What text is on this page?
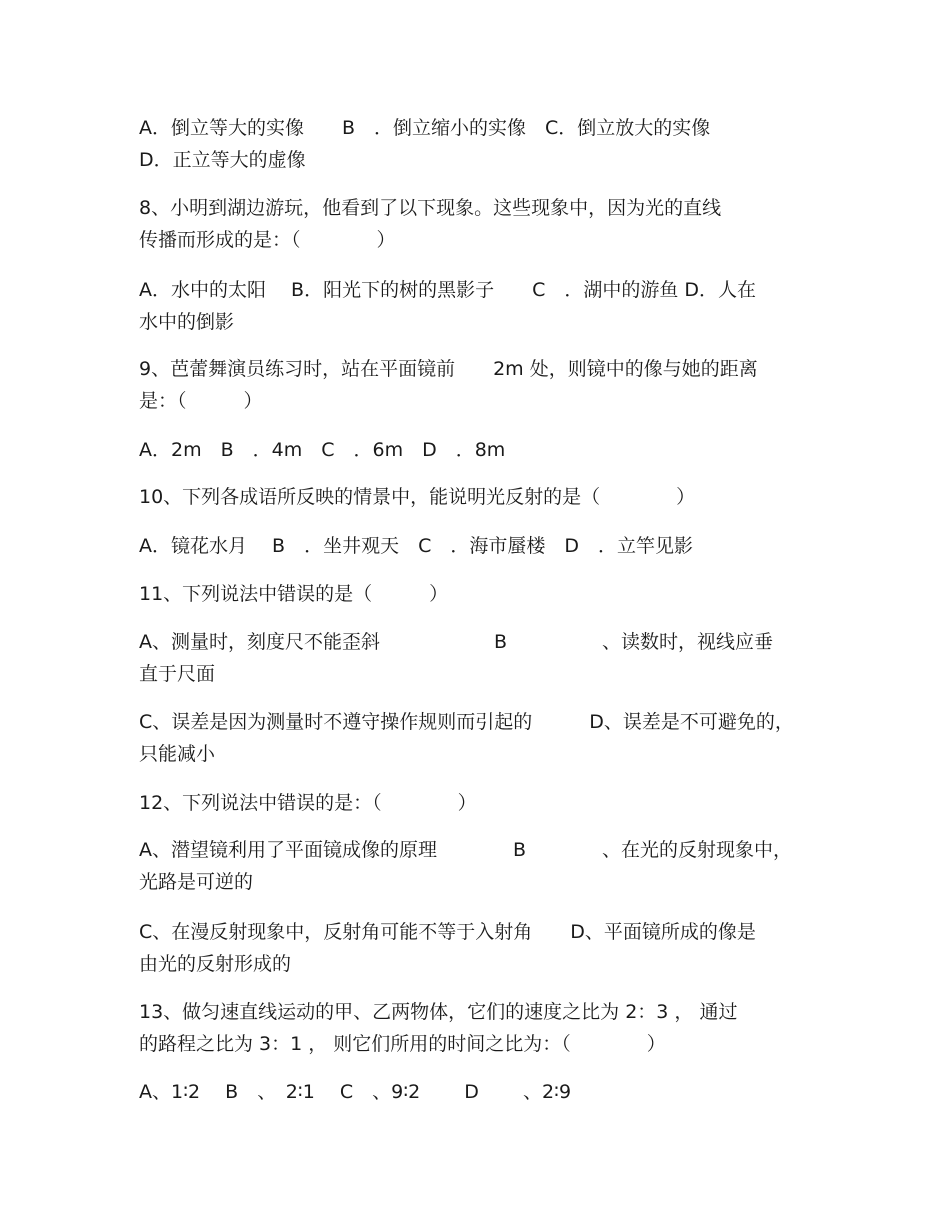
A．倒立等大的实像　　B　．倒立缩小的实像　C．倒立放大的实像
D．正立等大的虚像
8、小明到湖边游玩，他看到了以下现象。这些现象中，因为光的直线
传播而形成的是：（　　　　）
A．水中的太阳　 B．阳光下的树的黑影子　　C　．湖中的游鱼 D．人在
水中的倒影
9、芭蕾舞演员练习时，站在平面镜前　　2m 处，则镜中的像与她的距离
是：（　　　）
A．2m　B　．4m　C　．6m　D　．8m
10、下列各成语所反映的情景中，能说明光反射的是（　　　　）
A．镜花水月　 B　．坐井观天　C　．海市蜃楼　D　．立竿见影
11、下列说法中错误的是（　　　）
A、测量时，刻度尺不能歪斜　　　　　　B　　　　　、读数时，视线应垂
直于尺面
C、误差是因为测量时不遵守操作规则而引起的　　　D、误差是不可避免的，
只能减小
12、下列说法中错误的是：（　　　　）
A、潜望镜利用了平面镜成像的原理　　　　B　　　　、在光的反射现象中，
光路是可逆的
C、在漫反射现象中，反射角可能不等于入射角　　D、平面镜所成的像是
由光的反射形成的
13、做匀速直线运动的甲、乙两物体，它们的速度之比为 2：3 ， 通过
的路程之比为 3：1 ， 则它们所用的时间之比为：（　　　　）
A、1∶2　 B　、　2∶1　 C　、9∶2　　 D　　 、2∶9
